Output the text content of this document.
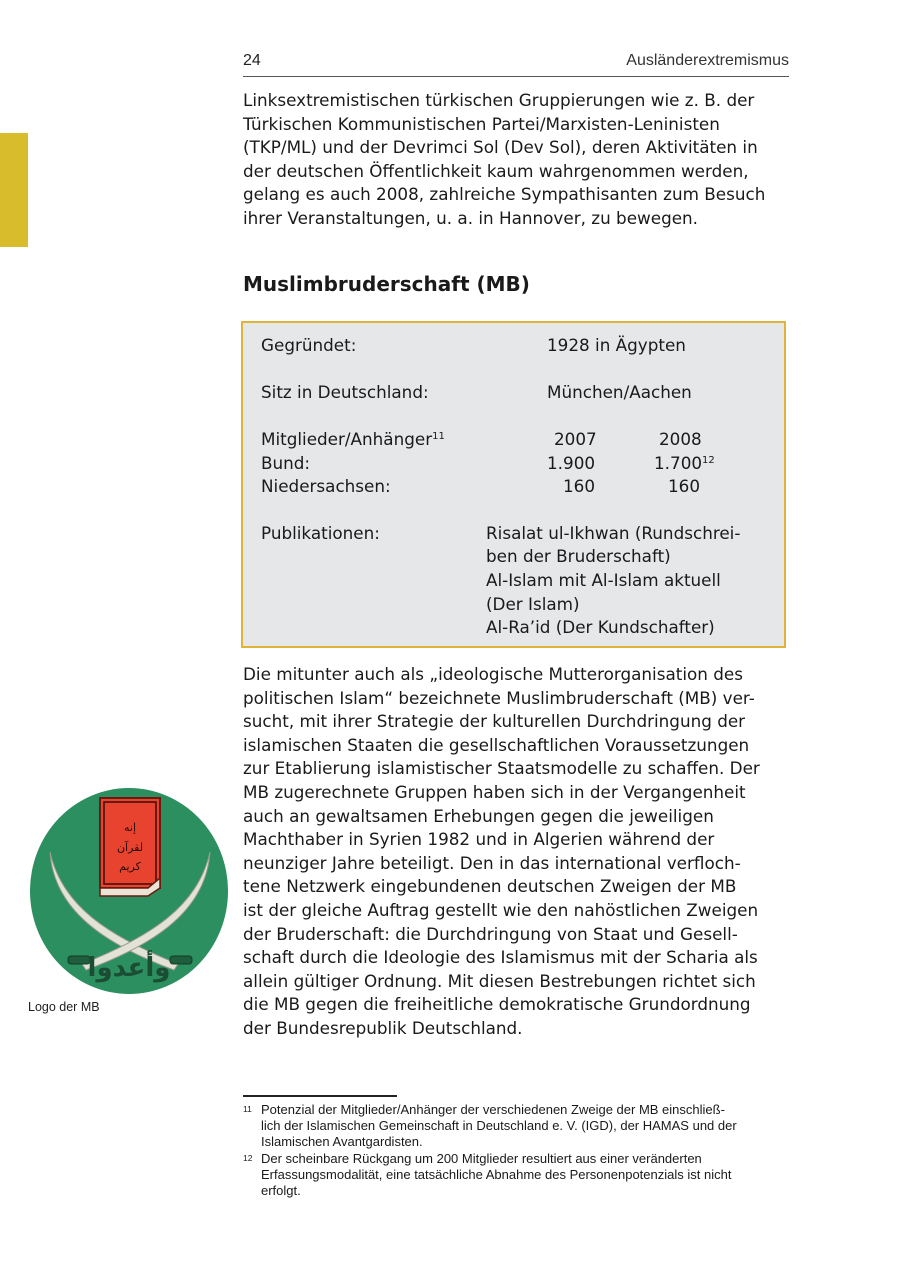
24	Ausländerextremismus

Linksextremistischen türkischen Gruppierungen wie z. B. der
Türkischen Kommunistischen Partei/Marxisten-Leninisten
(TKP/ML) und der Devrimci Sol (Dev Sol), deren Aktivitäten in
der deutschen Öffentlichkeit kaum wahrgenommen werden,
gelang es auch 2008, zahlreiche Sympathisanten zum Besuch
ihrer Veranstaltungen, u. a. in Hannover, zu bewegen.

Muslimbruderschaft (MB)
Gegründet:	1928 in Ägypten
Sitz in Deutschland:	München/Aachen
Mitglieder/Anhänger$^{11}$	2007	2008
Bund:	1.900	1.700$^{12}$
Niedersachsen:	160	160
Publikationen:	Risalat ul-Ikhwan (Rundschrei-
ben der Bruderschaft)
Al-Islam mit Al-Islam aktuell
(Der Islam)
Al-Ra’id (Der Kundschafter)

Die mitunter auch als „ideologische Mutterorganisation des
politischen Islam“ bezeichnete Muslimbruderschaft (MB) ver-
sucht, mit ihrer Strategie der kulturellen Durchdringung der
islamischen Staaten die gesellschaftlichen Voraussetzungen
zur Etablierung islamistischer Staatsmodelle zu schaffen. Der
MB zugerechnete Gruppen haben sich in der Vergangenheit
auch an gewaltsamen Erhebungen gegen die jeweiligen
Machthaber in Syrien 1982 und in Algerien während der
neunziger Jahre beteiligt. Den in das international verfloch-
tene Netzwerk eingebundenen deutschen Zweigen der MB
ist der gleiche Auftrag gestellt wie den nahöstlichen Zweigen
der Bruderschaft: die Durchdringung von Staat und Gesell-
schaft durch die Ideologie des Islamismus mit der Scharia als
allein gültiger Ordnung. Mit diesen Bestrebungen richtet sich
die MB gegen die freiheitliche demokratische Grundordnung
der Bundesrepublik Deutschland.

إنه
لقرآن
كريم
وأعدوا
Logo der MB
11 Potenzial der Mitglieder/Anhänger der verschiedenen Zweige der MB einschließ-
lich der Islamischen Gemeinschaft in Deutschland e. V. (IGD), der HAMAS und der
Islamischen Avantgardisten.
12 Der scheinbare Rückgang um 200 Mitglieder resultiert aus einer veränderten
Erfassungsmodalität, eine tatsächliche Abnahme des Personenpotenzials ist nicht
erfolgt.
